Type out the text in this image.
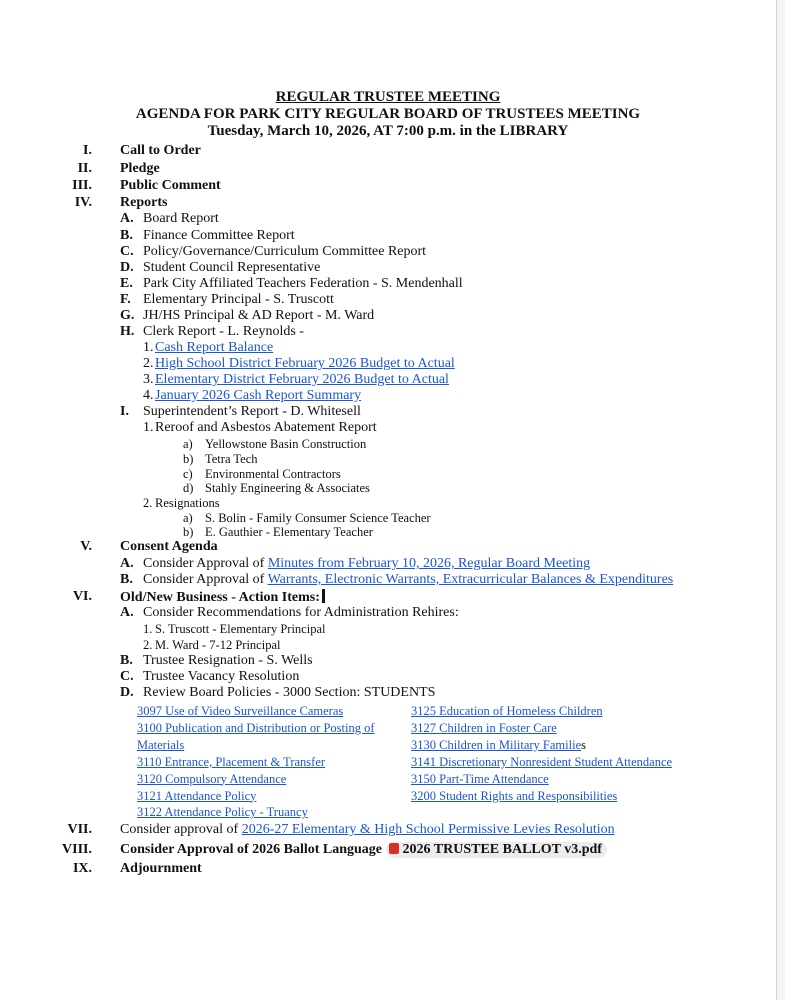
REGULAR TRUSTEE MEETING
AGENDA FOR PARK CITY REGULAR BOARD OF TRUSTEES MEETING
Tuesday, March 10, 2026, AT 7:00 p.m. in the LIBRARY
I. Call to Order
II. Pledge
III. Public Comment
IV. Reports
A. Board Report
B. Finance Committee Report
C. Policy/Governance/Curriculum Committee Report
D. Student Council Representative
E. Park City Affiliated Teachers Federation - S. Mendenhall
F. Elementary Principal - S. Truscott
G. JH/HS Principal & AD Report - M. Ward
H. Clerk Report - L. Reynolds -
1. Cash Report Balance
2. High School District February 2026 Budget to Actual
3. Elementary District February 2026 Budget to Actual
4. January 2026 Cash Report Summary
I. Superintendent’s Report - D. Whitesell
1. Reroof and Asbestos Abatement Report
a) Yellowstone Basin Construction
b) Tetra Tech
c) Environmental Contractors
d) Stahly Engineering & Associates
2. Resignations
a) S. Bolin - Family Consumer Science Teacher
b) E. Gauthier - Elementary Teacher
V. Consent Agenda
A. Consider Approval of Minutes from February 10, 2026, Regular Board Meeting
B. Consider Approval of Warrants, Electronic Warrants, Extracurricular Balances & Expenditures
VI. Old/New Business - Action Items:
A. Consider Recommendations for Administration Rehires:
1. S. Truscott - Elementary Principal
2. M. Ward - 7-12 Principal
B. Trustee Resignation - S. Wells
C. Trustee Vacancy Resolution
D. Review Board Policies - 3000 Section: STUDENTS
3097 Use of Video Surveillance Cameras
3100 Publication and Distribution or Posting of
Materials
3110 Entrance, Placement & Transfer
3120 Compulsory Attendance
3121 Attendance Policy
3122 Attendance Policy - Truancy
3125 Education of Homeless Children
3127 Children in Foster Care
3130 Children in Military Families
3141 Discretionary Nonresident Student Attendance
3150 Part-Time Attendance
3200 Student Rights and Responsibilities
VII. Consider approval of 2026-27 Elementary & High School Permissive Levies Resolution
VIII. Consider Approval of 2026 Ballot Language 2026 TRUSTEE BALLOT v3.pdf
IX. Adjournment
